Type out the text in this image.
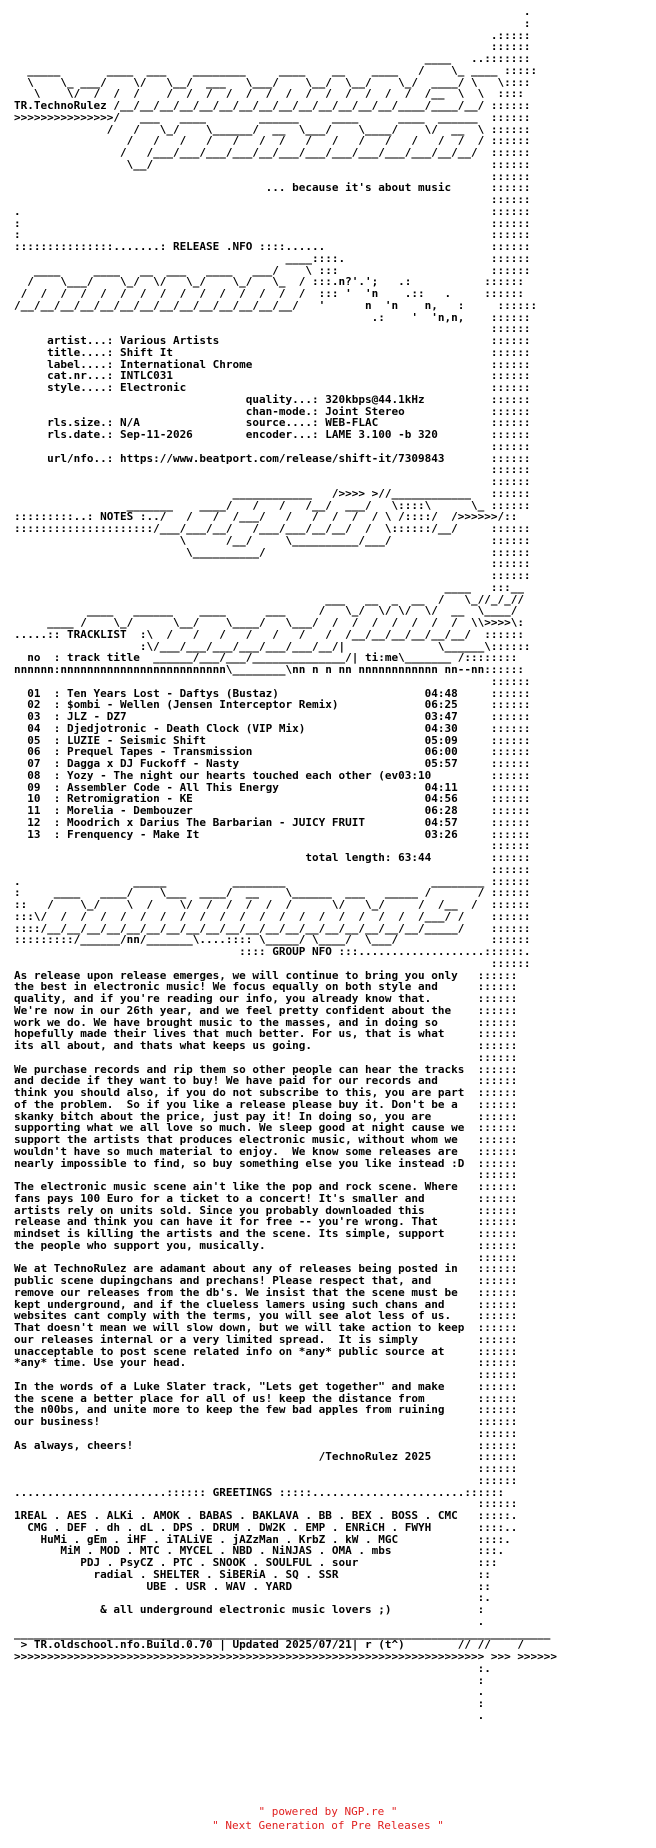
.
:
.:::::
::::::
____   ..:::::::
_____       ____  ___    ________     ____    __    ____   /    \_ ____ :::::
\    \_ ___/    \/   \__/  ___   \___/    \__/  \__/    \_/  ____/ \   \::::
\    \/  /  /  /    /  /  /  /  /  /  /  /  /  /  /  /  /  /__  \  \  ::::
TR.TechnoRulez /__/__/__/__/__/__/__/__/__/__/__/__/__/__/____/____/__/ ::::::
>>>>>>>>>>>>>>>/   ___   ____        ______     ____      ____  ______  ::::::
/   /   \_/    \______/  __  \___/    \____/    \/  __  \ ::::::
/   /   /   /   /   /  /   /   /   /   /   /   /  /  / ::::::
/   /___/___/___/___/__/___/___/___/___/___/___/__/__/  ::::::
\__/                                                   ::::::
::::::
... because it's about music      ::::::
::::::
.                                                                       ::::::
:                                                                       ::::::
:                                                                       ::::::
:::::::::::::::.......: RELEASE .NFO ::::......                         ::::::
____::::.                      ::::::
____     ____   __  ___   ____   ___/    \ :::                       ::::::
/    \___/    \_/  \/   \_/    \_/   \_  / :::.n?'.';   .:           ::::::
/  /  /  /  /  /  /  /  /  /  /  /  /  /  /  ::: '  'n    .::   .     ::::::
/__/__/__/__/__/__/__/__/__/__/__/__/__/__/   '      n  'n    n,   :     ::::::
.:    '  'n,n,    ::::::
::::::
artist...: Various Artists                                         ::::::
title....: Shift It                                                ::::::
label....: International Chrome                                    ::::::
cat.nr...: INTLC031                                                ::::::
style....: Electronic                                              ::::::
quality...: 320kbps@44.1kHz          ::::::
chan-mode.: Joint Stereo             ::::::
rls.size.: N/A                source....: WEB-FLAC                 ::::::
rls.date.: Sep-11-2026        encoder...: LAME 3.100 -b 320        ::::::
::::::
url/nfo..: https://www.beatport.com/release/shift-it/7309843       ::::::
::::::
::::::
____________   />>>> >//____________   ::::::
_______    ____/   /   /   /__/  ___/   \::::\      \_ ::::::
:::::::::..: NOTES :../   /   /  /___/   /   /  /  /  / \ /::::/  />>>>>>/::
:::::::::::::::::::::/___/___/__/   /___/___/__/__/  /  \::::::/__/     ::::::
\      /__/     \__________/___/               ::::::
\__________/                                  ::::::
::::::
::::::
____   :::__
___   __  _  __  /   \_//_/_//
____   ______    ____      ___     /   \_/  \/ \/  \/  __  \____/
____ /    \_/      \__/    \____/   \___/  /  /  /  /  /  /  /  \\>>>>\:
.....:: TRACKLIST  :\  /   /   /   /   /   /   /  /__/__/__/__/__/__/  ::::::
:\/___/___/___/___/___/___/__/|              \______\::::::
no  : track title  ______/___/___/______________/| ti:me\_______ /::::::::
nnnnnn:nnnnnnnnnnnnnnnnnnnnnnnnn\________\nn n n nn nnnnnnnnnnnn nn--nn::::::
::::::
01  : Ten Years Lost - Daftys (Bustaz)                      04:48     ::::::
02  : $ombi - Wellen (Jensen Interceptor Remix)             06:25     ::::::
03  : JLZ - DZ7                                             03:47     ::::::
04  : Djedjotronic - Death Clock (VIP Mix)                  04:30     ::::::
05  : LUZIE - Seismic Shift                                 05:09     ::::::
06  : Prequel Tapes - Transmission                          06:00     ::::::
07  : Dagga x DJ Fuckoff - Nasty                            05:57     ::::::
08  : Yozy - The night our hearts touched each other (ev03:10         ::::::
09  : Assembler Code - All This Energy                      04:11     ::::::
10  : Retromigration - KE                                   04:56     ::::::
11  : Morelia - Dembouzer                                   06:28     ::::::
12  : Moodrich x Darius The Barbarian - JUICY FRUIT         04:57     ::::::
13  : Frenquency - Make It                                  03:26     ::::::
::::::
total length: 63:44         ::::::
::::::
.                 _____          ________                      ________ ::::::
:     ____   ____/    \___  ____/  __    \______  ___   _____ /       / ::::::
::   /    \_/    \  /    \/  /  /  /  /  /      \/   \_/     /  /__  /  ::::::
:::\/  /  /  /  /  /  /  /  /  /  /  /  /  /  /  /  /  /  /  /___/ /    ::::::
::::/__/__/__/__/__/__/__/__/__/__/__/__/__/__/__/__/__/__/__/_____/    ::::::
:::::::::/______/nn/_______\....:::: \_____/ \____/  \___/              ::::::
:::: GROUP NFO :::...................::::::.
::::::
As release upon release emerges, we will continue to bring you only   ::::::
the best in electronic music! We focus equally on both style and      ::::::
quality, and if you're reading our info, you already know that.       ::::::
We're now in our 26th year, and we feel pretty confident about the    ::::::
work we do. We have brought music to the masses, and in doing so      ::::::
hopefully made their lives that much better. For us, that is what     ::::::
its all about, and thats what keeps us going.                         ::::::
::::::
We purchase records and rip them so other people can hear the tracks  ::::::
and decide if they want to buy! We have paid for our records and      ::::::
think you should also, if you do not subscribe to this, you are part  ::::::
of the problem.  So if you like a release please buy it. Don't be a   ::::::
skanky bitch about the price, just pay it! In doing so, you are       ::::::
supporting what we all love so much. We sleep good at night cause we  ::::::
support the artists that produces electronic music, without whom we   ::::::
wouldn't have so much material to enjoy.  We know some releases are   ::::::
nearly impossible to find, so buy something else you like instead :D  ::::::
::::::
The electronic music scene ain't like the pop and rock scene. Where   ::::::
fans pays 100 Euro for a ticket to a concert! It's smaller and        ::::::
artists rely on units sold. Since you probably downloaded this        ::::::
release and think you can have it for free -- you're wrong. That      ::::::
mindset is killing the artists and the scene. Its simple, support     ::::::
the people who support you, musically.                                ::::::
::::::
We at TechnoRulez are adamant about any of releases being posted in   ::::::
public scene dupingchans and prechans! Please respect that, and       ::::::
remove our releases from the db's. We insist that the scene must be   ::::::
kept underground, and if the clueless lamers using such chans and     ::::::
websites cant comply with the terms, you will see alot less of us.    ::::::
That doesn't mean we will slow down, but we will take action to keep  ::::::
our releases internal or a very limited spread.  It is simply         ::::::
unacceptable to post scene related info on *any* public source at     ::::::
*any* time. Use your head.                                            ::::::
::::::
In the words of a Luke Slater track, "Lets get together" and make     ::::::
the scene a better place for all of us! keep the distance from        ::::::
the n00bs, and unite more to keep the few bad apples from ruining     ::::::
our business!                                                         ::::::
::::::
As always, cheers!                                                    ::::::
/TechnoRulez 2025       ::::::
::::::
::::::
.......................:::::: GREETINGS :::::.......................::::::
::::::
1REAL . AES . ALKi . AMOK . BABAS . BAKLAVA . BB . BEX . BOSS . CMC   :::::.
CMG . DEF . dh . dL . DPS . DRUM . DW2K . EMP . ENRiCH . FWYH       ::::..
HuMi . gEm . iHF . iTALiVE . jAZzMan . KrbZ . kW . MGC            ::::.
MiM . MOD . MTC . MYCEL . NBD . NiNJAS . OMA . mbs             :::.
PDJ . PsyCZ . PTC . SNOOK . SOULFUL . sour                  :::
radial . SHELTER . SiBERiA . SQ . SSR                     ::
UBE . USR . WAV . YARD                            ::
:.
& all underground electronic music lovers ;)             :
.
_________________________________________________________________________________
> TR.oldschool.nfo.Build.0.70 | Updated 2025/07/21| r (t^)        // //    /
>>>>>>>>>>>>>>>>>>>>>>>>>>>>>>>>>>>>>>>>>>>>>>>>>>>>>>>>>>>>>>>>>>>>>>> >>> >>>>>>
:.
:
.
:
.
" powered by NGP.re "
" Next Generation of Pre Releases "
